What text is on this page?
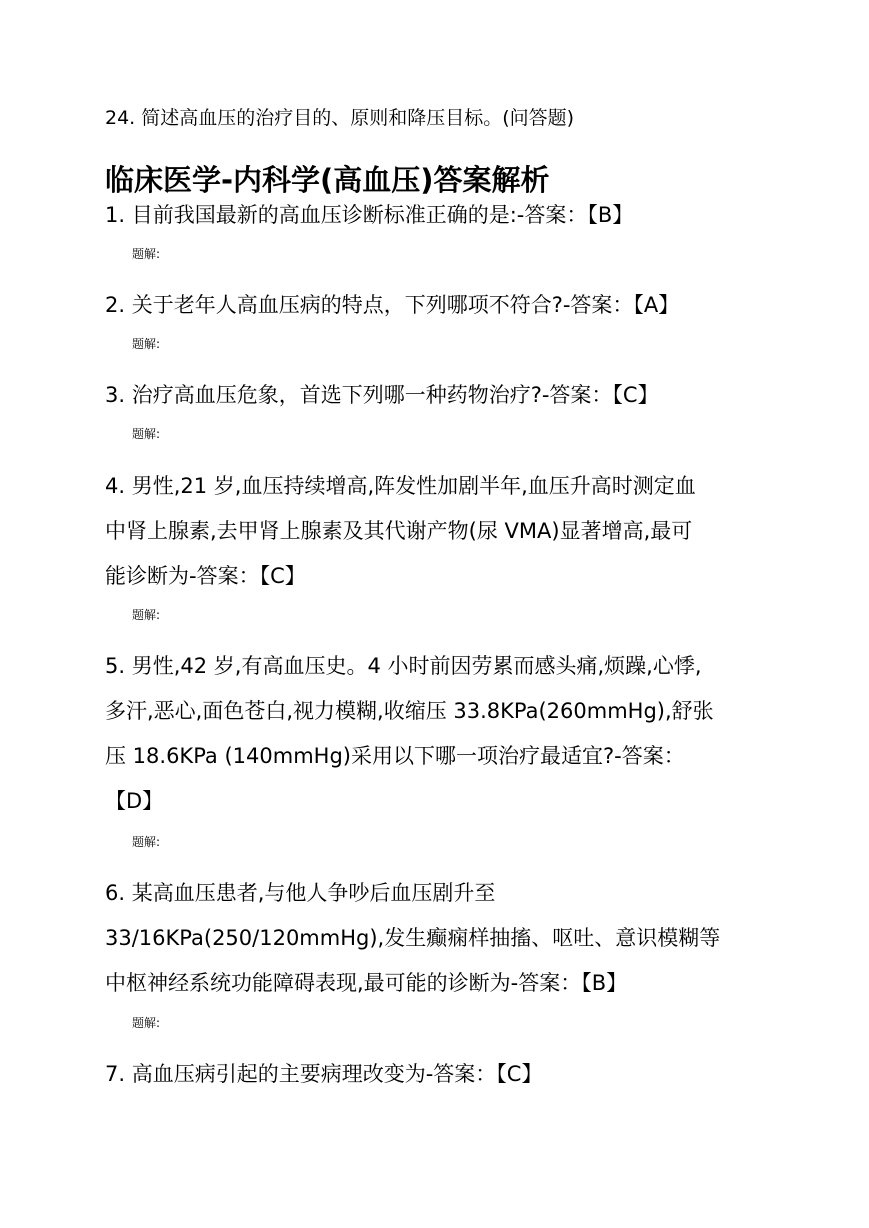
24. 简述高血压的治疗目的、原则和降压目标。(问答题)
临床医学-内科学(高血压)答案解析
1. 目前我国最新的高血压诊断标准正确的是:-答案：【B】
题解:
2. 关于老年人高血压病的特点，下列哪项不符合?-答案：【A】
题解:
3. 治疗高血压危象，首选下列哪一种药物治疗?-答案：【C】
题解:
4. 男性,21 岁,血压持续增高,阵发性加剧半年,血压升高时测定血
中肾上腺素,去甲肾上腺素及其代谢产物(尿 VMA)显著增高,最可
能诊断为-答案：【C】
题解:
5. 男性,42 岁,有高血压史。4 小时前因劳累而感头痛,烦躁,心悸,
多汗,恶心,面色苍白,视力模糊,收缩压 33.8KPa(260mmHg),舒张
压 18.6KPa (140mmHg)采用以下哪一项治疗最适宜?-答案：
【D】
题解:
6. 某高血压患者,与他人争吵后血压剧升至
33/16KPa(250/120mmHg),发生癫痫样抽搐、呕吐、意识模糊等
中枢神经系统功能障碍表现,最可能的诊断为-答案：【B】
题解:
7. 高血压病引起的主要病理改变为-答案：【C】
